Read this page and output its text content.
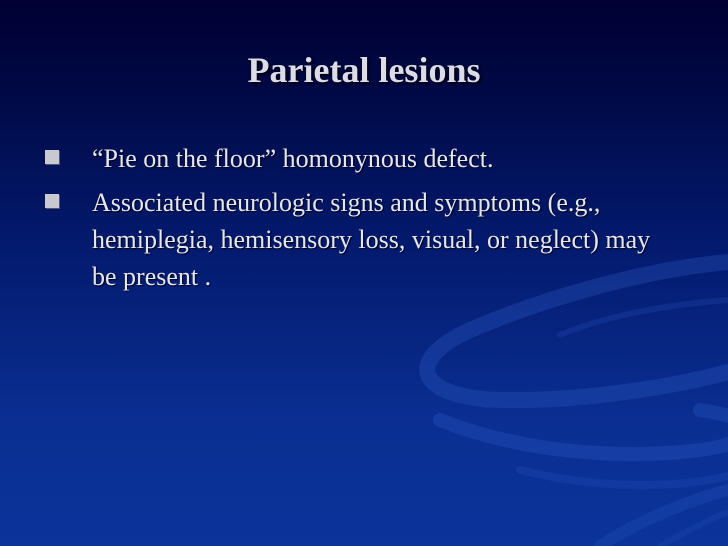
Parietal lesions
“Pie on the floor” homonynous defect.
Associated neurologic signs and symptoms (e.g., hemiplegia, hemisensory loss, visual, or neglect) may be present .
